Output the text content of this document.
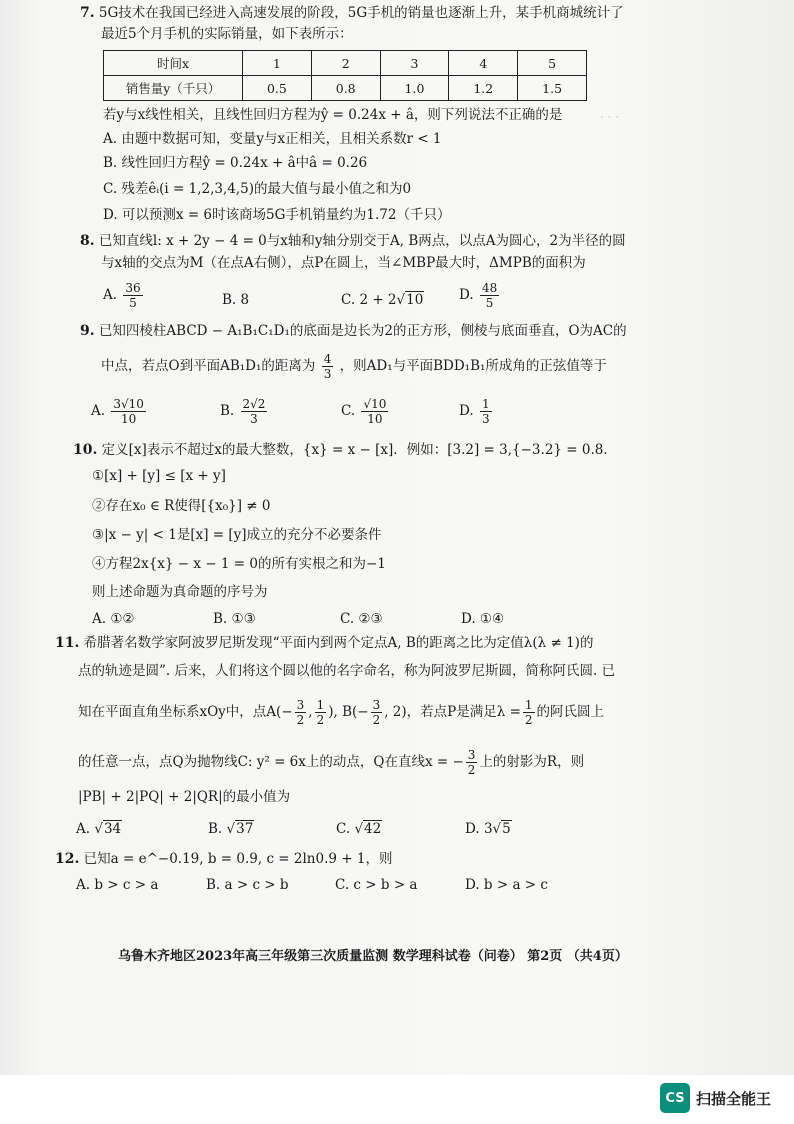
· · ·
7. 5G技术在我国已经进入高速发展的阶段，5G手机的销量也逐渐上升，某手机商城统计了
最近5个月手机的实际销量，如下表所示：
时间x	1	2	3	4	5
销售量y（千只）	0.5	0.8	1.0	1.2	1.5
若y与x线性相关，且线性回归方程为ŷ = 0.24x + â，则下列说法不正确的是
A. 由题中数据可知，变量y与x正相关，且相关系数r < 1
B. 线性回归方程ŷ = 0.24x + â中â = 0.26
C. 残差êᵢ(i = 1,2,3,4,5)的最大值与最小值之和为0
D. 可以预测x = 6时该商场5G手机销量约为1.72（千只）
8. 已知直线l: x + 2y − 4 = 0与x轴和y轴分别交于A, B两点，以点A为圆心，2为半径的圆
与x轴的交点为M（在点A右侧），点P在圆上，当∠MBP最大时，ΔMPB的面积为
A. $\frac{36}{5}$	B. 8	C. 2 + 2√10	D. $\frac{48}{5}$
9. 已知四棱柱ABCD − A₁B₁C₁D₁的底面是边长为2的正方形，侧棱与底面垂直，O为AC的
中点，若点O到平面AB₁D₁的距离为 $\frac{4}{3}$ ，则AD₁与平面BDD₁B₁所成角的正弦值等于
A. $\frac{3√10}{10}$	B. $\frac{2√2}{3}$	C. $\frac{√10}{10}$	D. $\frac{1}{3}$
10. 定义[x]表示不超过x的最大整数，{x} = x − [x]．例如：[3.2] = 3,{−3.2} = 0.8．
①[x] + [y] ≤ [x + y]
②存在x₀ ∈ R使得[{x₀}] ≠ 0
③|x − y| < 1是[x] = [y]成立的充分不必要条件
④方程2x{x} − x − 1 = 0的所有实根之和为−1
则上述命题为真命题的序号为
A. ①②	B. ①③	C. ②③	D. ①④
11. 希腊著名数学家阿波罗尼斯发现“平面内到两个定点A, B的距离之比为定值λ(λ ≠ 1)的
点的轨迹是圆”. 后来，人们将这个圆以他的名字命名，称为阿波罗尼斯圆，简称阿氏圆. 已
知在平面直角坐标系xOy中，点$A(- \frac{3}{2}$ , $\frac{1}{2}$ ), $B(- \frac{3}{2}$ , 2)，若点P是满足$\lambda = \frac{1}{2}$ 的阿氏圆上
的任意一点，点Q为抛物线C: y² = 6x上的动点，Q在直线x = − $\frac{3}{2}$ 上的射影为R，则
|PB| + 2|PQ| + 2|QR|的最小值为
A. √34	B. √37	C. √42	D. 3√5
12. 已知a = e^−0.19, b = 0.9, c = 2ln0.9 + 1，则
A. b > c > a	B. a > c > b	C. c > b > a	D. b > a > c
乌鲁木齐地区2023年高三年级第三次质量监测 数学理科试卷（问卷） 第2页 （共4页）
CS 扫描全能王
